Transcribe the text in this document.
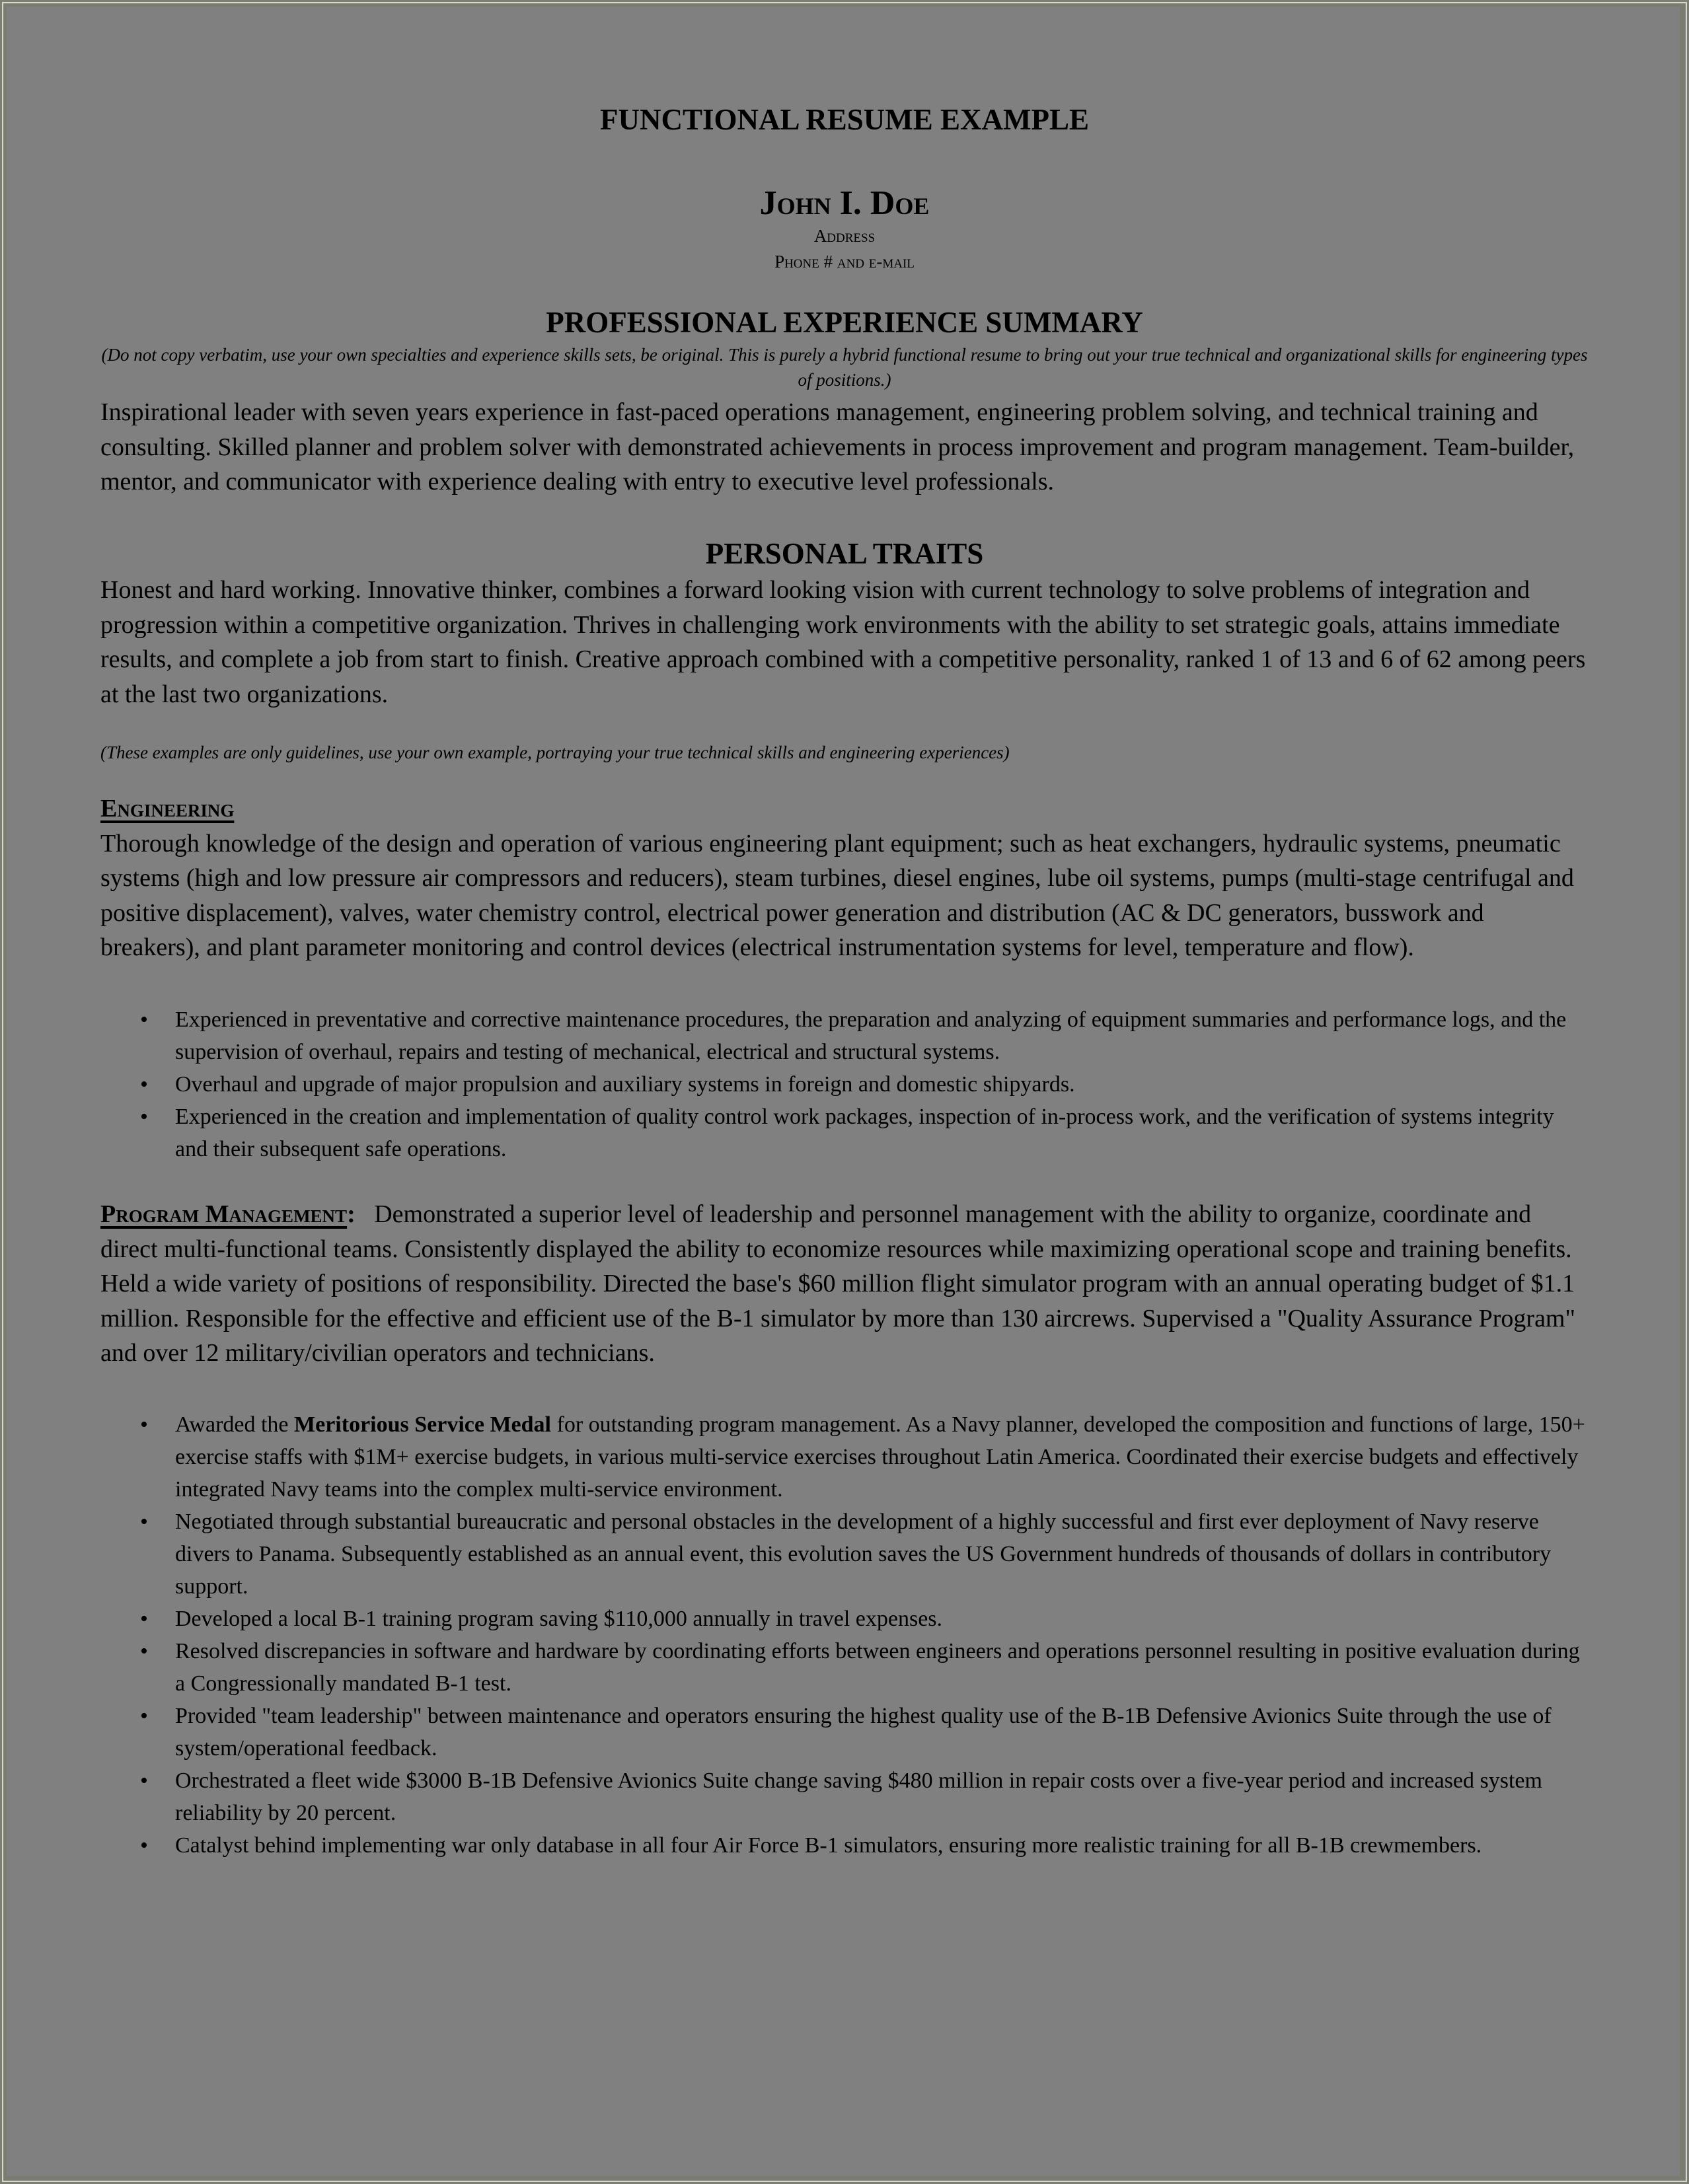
FUNCTIONAL RESUME EXAMPLE
John I. Doe
Address
Phone # and e-mail
PROFESSIONAL EXPERIENCE SUMMARY
(Do not copy verbatim, use your own specialties and experience skills sets, be original. This is purely a hybrid functional resume to bring out your true technical and organizational skills for engineering types of positions.)
Inspirational leader with seven years experience in fast-paced operations management, engineering problem solving, and technical training and consulting. Skilled planner and problem solver with demonstrated achievements in process improvement and program management. Team-builder, mentor, and communicator with experience dealing with entry to executive level professionals.
PERSONAL TRAITS
Honest and hard working. Innovative thinker, combines a forward looking vision with current technology to solve problems of integration and progression within a competitive organization. Thrives in challenging work environments with the ability to set strategic goals, attains immediate results, and complete a job from start to finish. Creative approach combined with a competitive personality, ranked 1 of 13 and 6 of 62 among peers at the last two organizations.
(These examples are only guidelines, use your own example, portraying your true technical skills and engineering experiences)
Engineering
Thorough knowledge of the design and operation of various engineering plant equipment; such as heat exchangers, hydraulic systems, pneumatic systems (high and low pressure air compressors and reducers), steam turbines, diesel engines, lube oil systems, pumps (multi-stage centrifugal and positive displacement), valves, water chemistry control, electrical power generation and distribution (AC & DC generators, busswork and breakers), and plant parameter monitoring and control devices (electrical instrumentation systems for level, temperature and flow).
• Experienced in preventative and corrective maintenance procedures, the preparation and analyzing of equipment summaries and performance logs, and the supervision of overhaul, repairs and testing of mechanical, electrical and structural systems.
• Overhaul and upgrade of major propulsion and auxiliary systems in foreign and domestic shipyards.
• Experienced in the creation and implementation of quality control work packages, inspection of in-process work, and the verification of systems integrity and their subsequent safe operations.
Program Management: Demonstrated a superior level of leadership and personnel management with the ability to organize, coordinate and direct multi-functional teams. Consistently displayed the ability to economize resources while maximizing operational scope and training benefits. Held a wide variety of positions of responsibility. Directed the base's $60 million flight simulator program with an annual operating budget of $1.1 million. Responsible for the effective and efficient use of the B-1 simulator by more than 130 aircrews. Supervised a "Quality Assurance Program" and over 12 military/civilian operators and technicians.
• Awarded the Meritorious Service Medal for outstanding program management. As a Navy planner, developed the composition and functions of large, 150+ exercise staffs with $1M+ exercise budgets, in various multi-service exercises throughout Latin America. Coordinated their exercise budgets and effectively integrated Navy teams into the complex multi-service environment.
• Negotiated through substantial bureaucratic and personal obstacles in the development of a highly successful and first ever deployment of Navy reserve divers to Panama. Subsequently established as an annual event, this evolution saves the US Government hundreds of thousands of dollars in contributory support.
• Developed a local B-1 training program saving $110,000 annually in travel expenses.
• Resolved discrepancies in software and hardware by coordinating efforts between engineers and operations personnel resulting in positive evaluation during a Congressionally mandated B-1 test.
• Provided "team leadership" between maintenance and operators ensuring the highest quality use of the B-1B Defensive Avionics Suite through the use of system/operational feedback.
• Orchestrated a fleet wide $3000 B-1B Defensive Avionics Suite change saving $480 million in repair costs over a five-year period and increased system reliability by 20 percent.
• Catalyst behind implementing war only database in all four Air Force B-1 simulators, ensuring more realistic training for all B-1B crewmembers.
